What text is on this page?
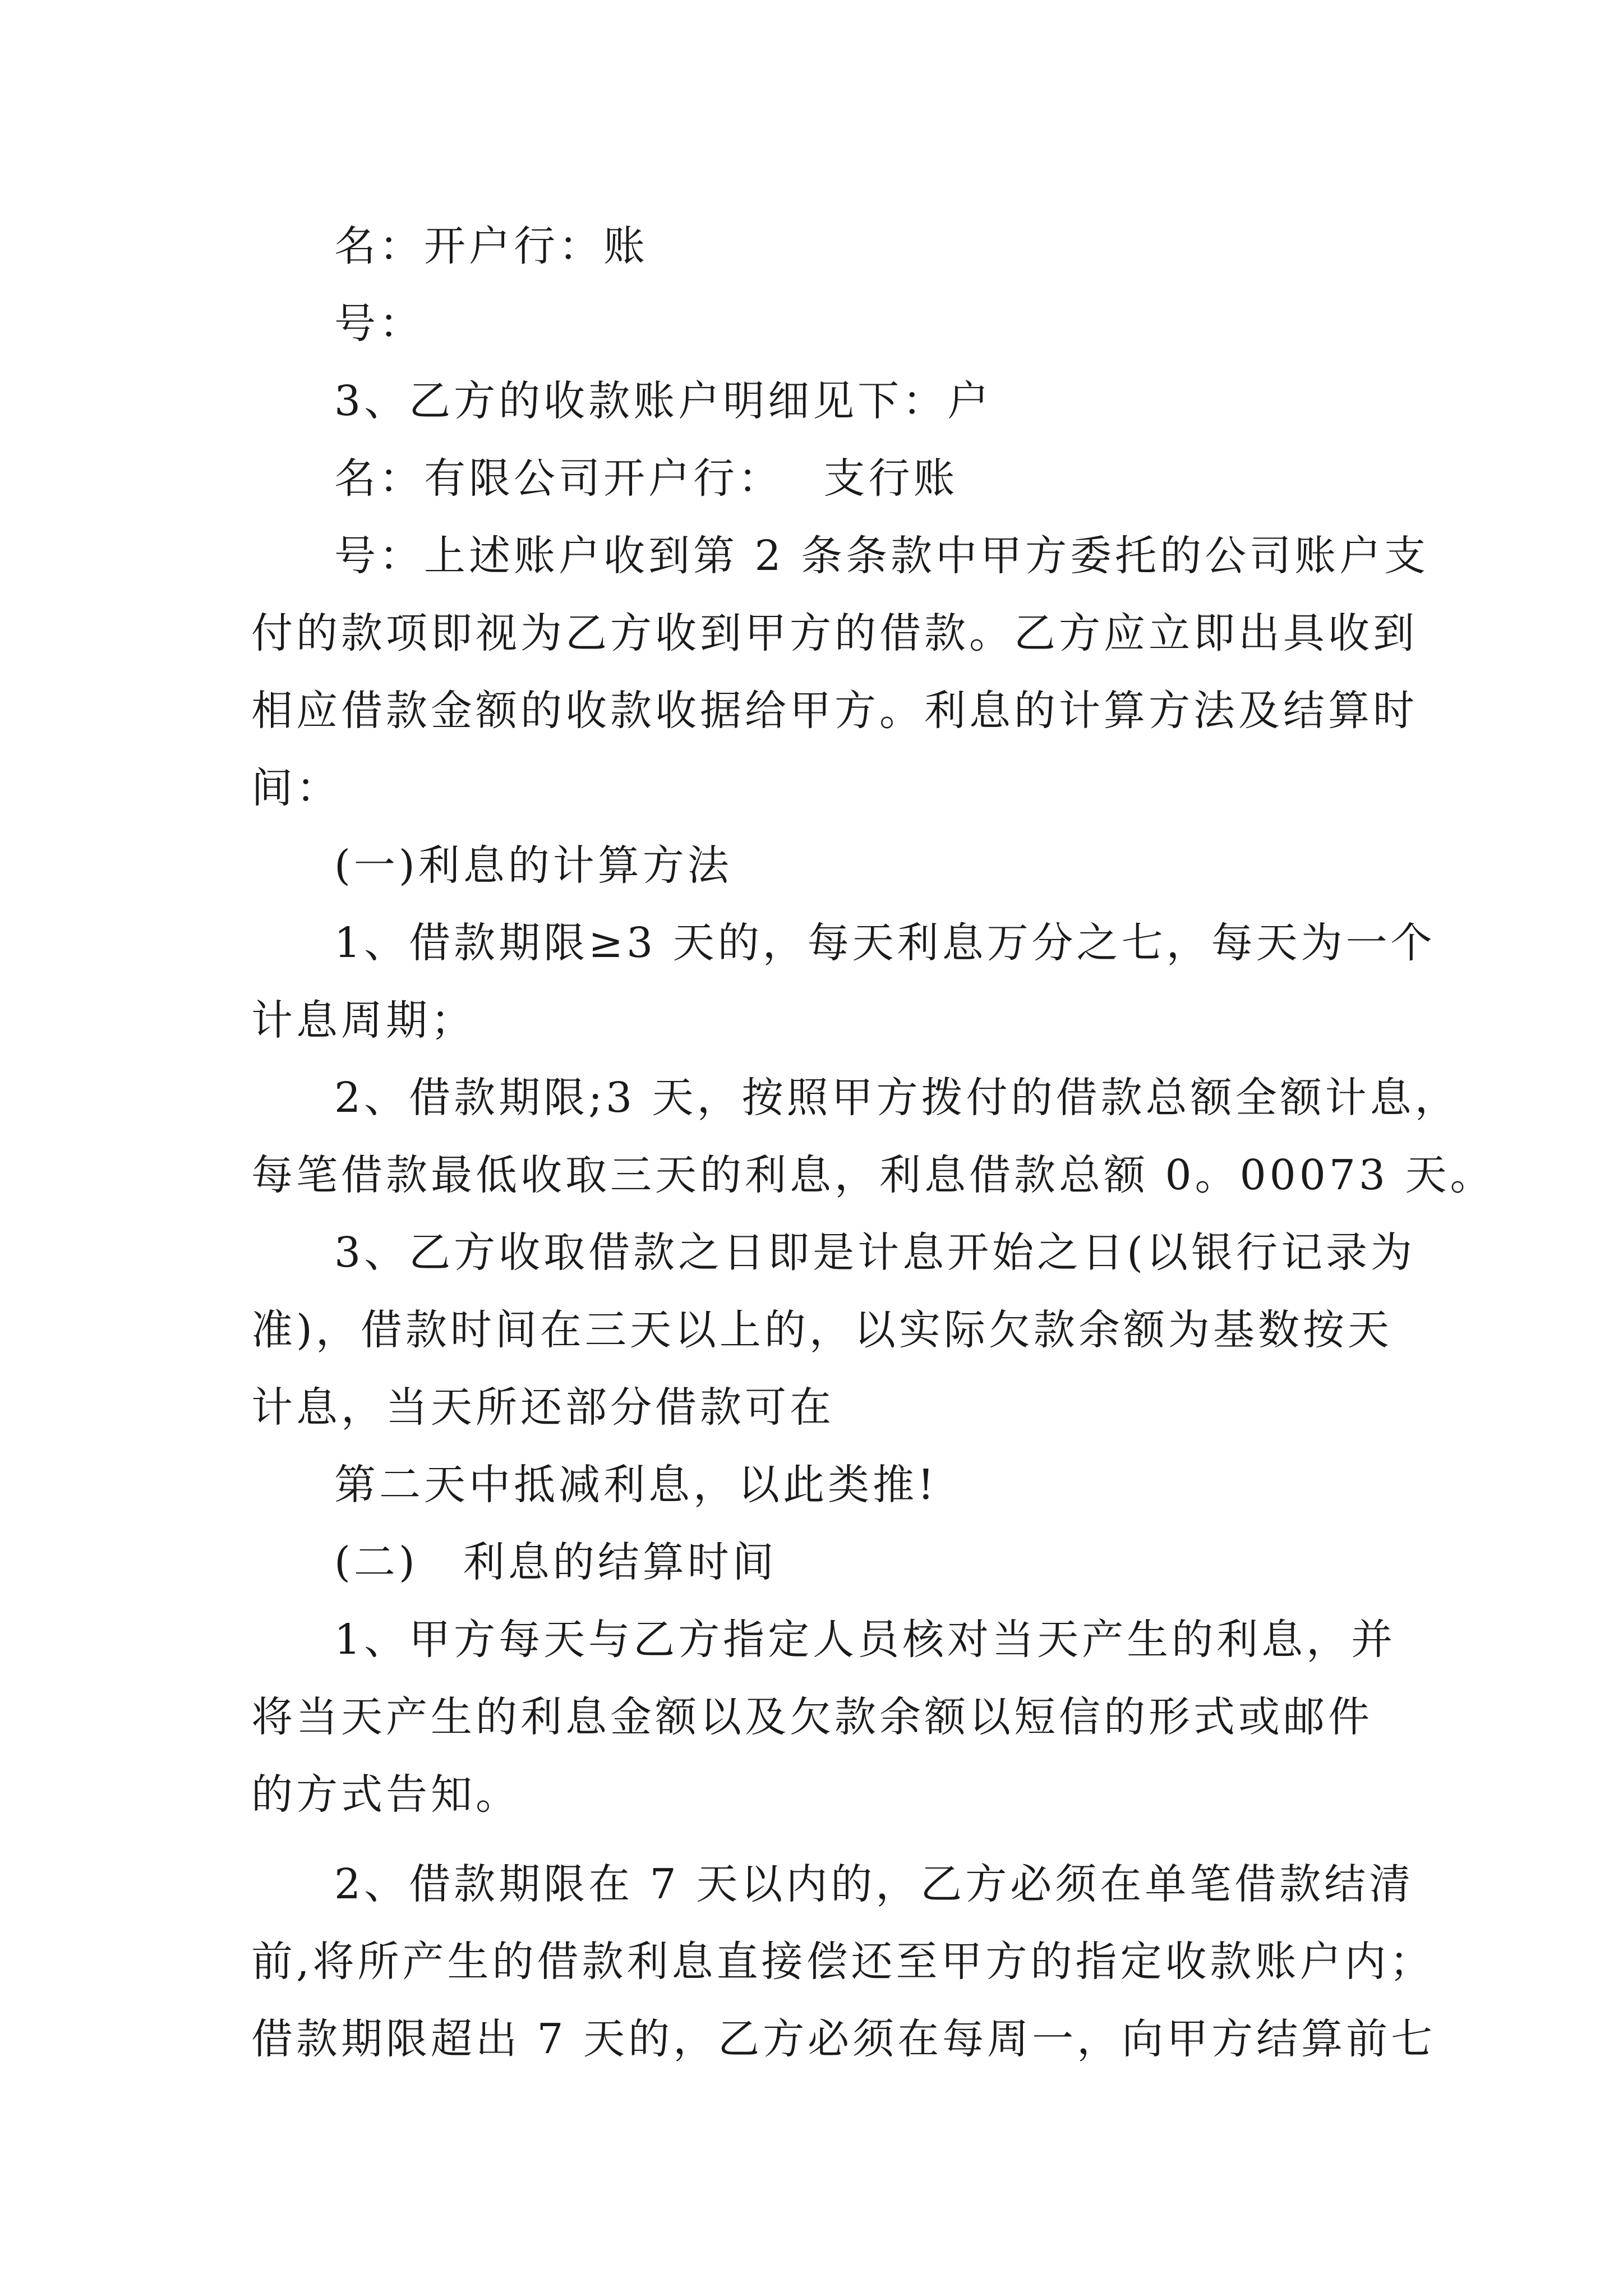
名：开户行：账
号：
3、乙方的收款账户明细见下：户
名：有限公司开户行：　 支行账
号：上述账户收到第 2 条条款中甲方委托的公司账户支
付的款项即视为乙方收到甲方的借款。乙方应立即出具收到
相应借款金额的收款收据给甲方。利息的计算方法及结算时
间：
(一)利息的计算方法
1、借款期限≥3 天的，每天利息万分之七，每天为一个
计息周期；
2、借款期限;3 天，按照甲方拨付的借款总额全额计息，
每笔借款最低收取三天的利息，利息借款总额 0。00073 天。
3、乙方收取借款之日即是计息开始之日(以银行记录为
准)，借款时间在三天以上的，以实际欠款余额为基数按天
计息，当天所还部分借款可在
第二天中抵减利息，以此类推!
(二)　利息的结算时间
1、甲方每天与乙方指定人员核对当天产生的利息，并
将当天产生的利息金额以及欠款余额以短信的形式或邮件
的方式告知。
2、借款期限在 7 天以内的，乙方必须在单笔借款结清
前,将所产生的借款利息直接偿还至甲方的指定收款账户内；
借款期限超出 7 天的，乙方必须在每周一，向甲方结算前七
